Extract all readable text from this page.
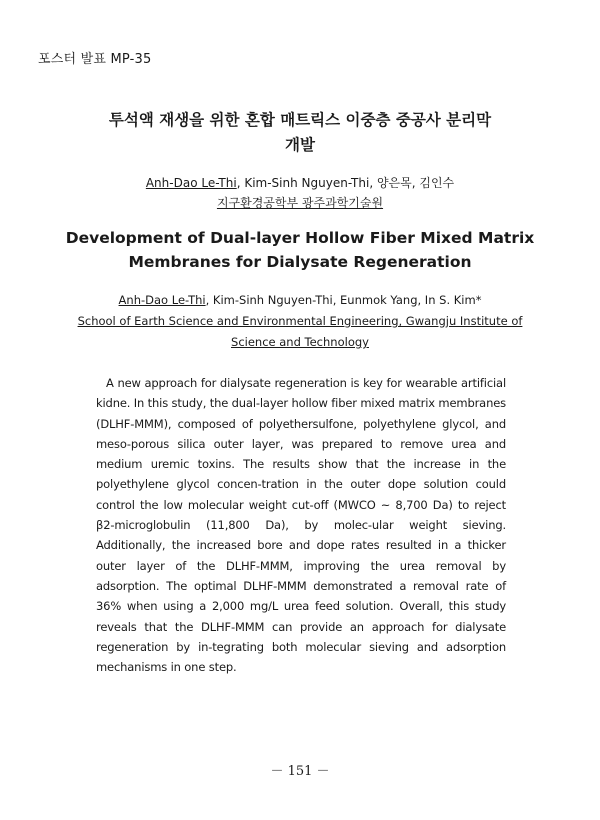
포스터 발표 MP-35
투석액 재생을 위한 혼합 매트릭스 이중층 중공사 분리막
개발
Anh-Dao Le-Thi, Kim-Sinh Nguyen-Thi, 양은목, 김인수
지구환경공학부 광주과학기술원
Development of Dual-layer Hollow Fiber Mixed Matrix
Membranes for Dialysate Regeneration
Anh-Dao Le-Thi, Kim-Sinh Nguyen-Thi, Eunmok Yang, In S. Kim*
School of Earth Science and Environmental Engineering, Gwangju Institute of
Science and Technology
A new approach for dialysate regeneration is key for wearable artificial kidne. In this study, the dual-layer hollow fiber mixed matrix membranes (DLHF-MMM), composed of polyethersulfone, polyethylene glycol, and meso-porous silica outer layer, was prepared to remove urea and medium uremic toxins. The results show that the increase in the polyethylene glycol concen-tration in the outer dope solution could control the low molecular weight cut-off (MWCO ~ 8,700 Da) to reject β2-microglobulin (11,800 Da), by molec-ular weight sieving. Additionally, the increased bore and dope rates resulted in a thicker outer layer of the DLHF-MMM, improving the urea removal by adsorption. The optimal DLHF-MMM demonstrated a removal rate of 36% when using a 2,000 mg/L urea feed solution. Overall, this study reveals that the DLHF-MMM can provide an approach for dialysate regeneration by in-tegrating both molecular sieving and adsorption mechanisms in one step.
－ 151 －
